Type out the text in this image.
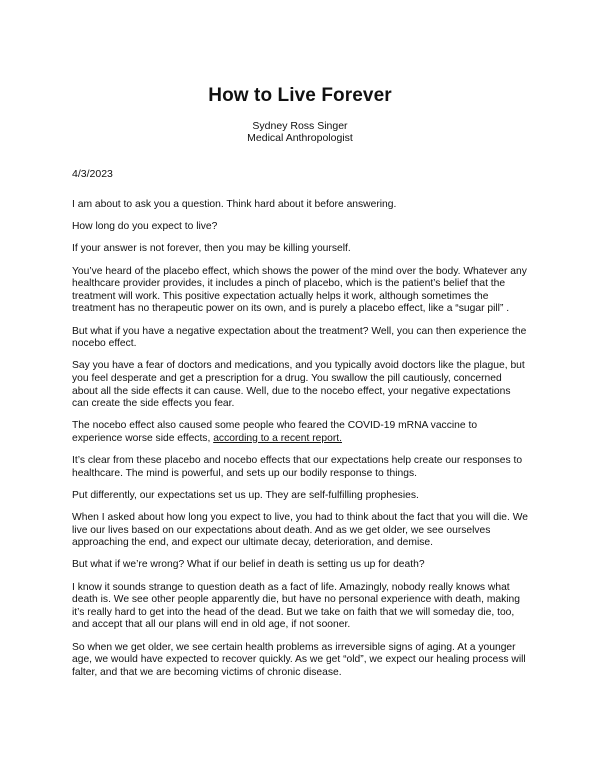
How to Live Forever
Sydney Ross Singer
Medical Anthropologist
4/3/2023

I am about to ask you a question. Think hard about it before answering.

How long do you expect to live?

If your answer is not forever, then you may be killing yourself.

You’ve heard of the placebo effect, which shows the power of the mind over the body. Whatever any healthcare provider provides, it includes a pinch of placebo, which is the patient’s belief that the treatment will work. This positive expectation actually helps it work, although sometimes the treatment has no therapeutic power on its own, and is purely a placebo effect, like a “sugar pill” .

But what if you have a negative expectation about the treatment? Well, you can then experience the nocebo effect.

Say you have a fear of doctors and medications, and you typically avoid doctors like the plague, but you feel desperate and get a prescription for a drug. You swallow the pill cautiously, concerned about all the side effects it can cause. Well, due to the nocebo effect, your negative expectations can create the side effects you fear.

The nocebo effect also caused some people who feared the COVID-19 mRNA vaccine to experience worse side effects, according to a recent report.

It’s clear from these placebo and nocebo effects that our expectations help create our responses to healthcare. The mind is powerful, and sets up our bodily response to things.

Put differently, our expectations set us up. They are self-fulfilling prophesies.

When I asked about how long you expect to live, you had to think about the fact that you will die. We live our lives based on our expectations about death. And as we get older, we see ourselves approaching the end, and expect our ultimate decay, deterioration, and demise.

But what if we’re wrong? What if our belief in death is setting us up for death?

I know it sounds strange to question death as a fact of life. Amazingly, nobody really knows what death is. We see other people apparently die, but have no personal experience with death, making it’s really hard to get into the head of the dead. But we take on faith that we will someday die, too, and accept that all our plans will end in old age, if not sooner.

So when we get older, we see certain health problems as irreversible signs of aging. At a younger age, we would have expected to recover quickly. As we get “old”, we expect our healing process will falter, and that we are becoming victims of chronic disease.
